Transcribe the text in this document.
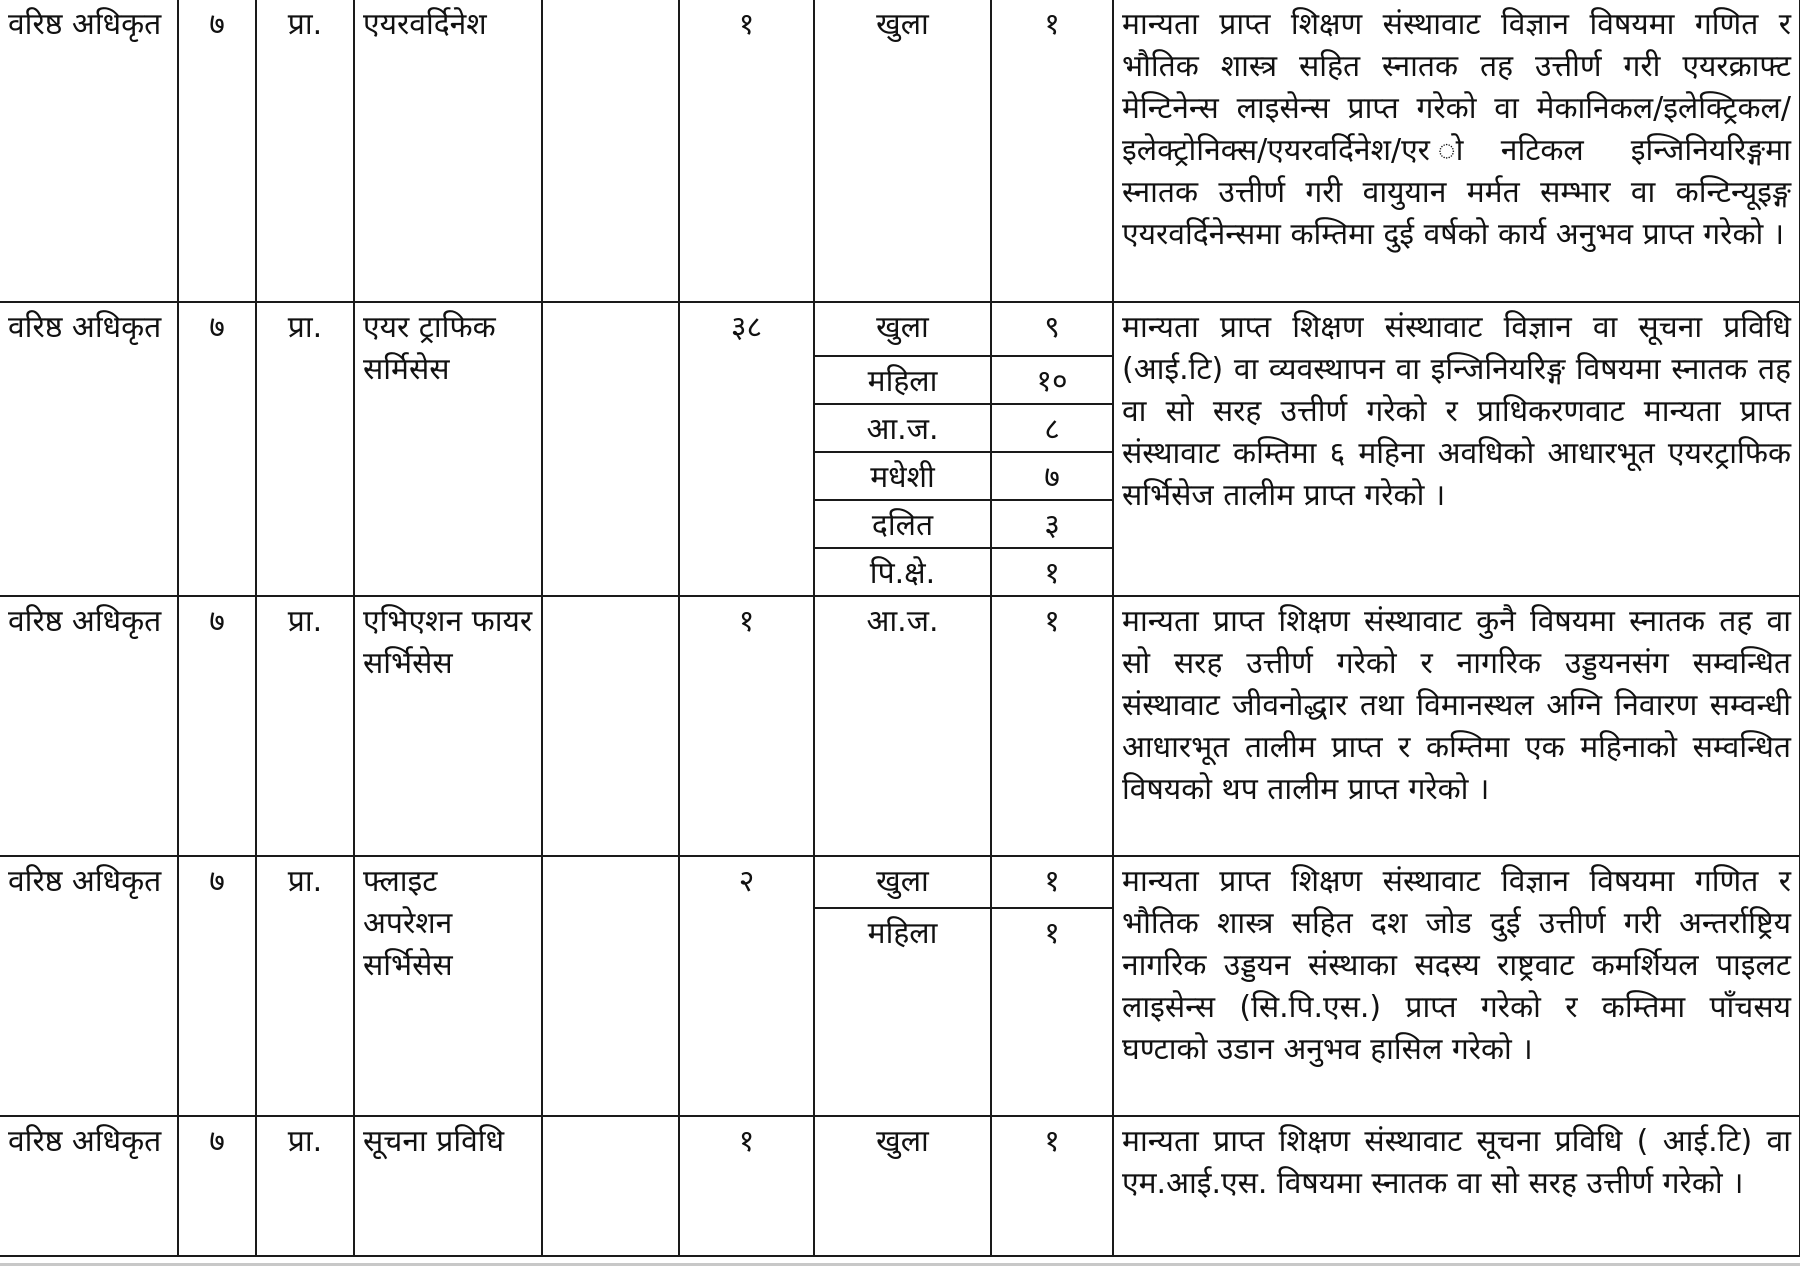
वरिष्ठ अधिकृत	७	प्रा.	एयरवर्दिनेश		१	खुला	१	मान्यता प्राप्त शिक्षण संस्थावाट विज्ञान विषयमा गणित र भौतिक शास्त्र सहित स्नातक तह उत्तीर्ण गरी एयरक्राफ्ट मेन्टिनेन्स लाइसेन्स प्राप्त गरेको वा मेकानिकल/इलेक्ट्रिकल/इलेक्ट्रोनिक्स/एयरवर्दिनेश/एर ोनटिकल इन्जिनियरिङ्गमा स्नातक उत्तीर्ण गरी वायुयान मर्मत सम्भार वा कन्टिन्यूइङ्ग एयरवर्दिनेन्समा कम्तिमा दुई वर्षको कार्य अनुभव प्राप्त गरेको ।
वरिष्ठ अधिकृत	७	प्रा.	एयर ट्राफिक सर्मिसेस		३८	खुला	९	मान्यता प्राप्त शिक्षण संस्थावाट विज्ञान वा सूचना प्रविधि (आई.टि) वा व्यवस्थापन वा इन्जिनियरिङ्ग विषयमा स्नातक तह वा सो सरह उत्तीर्ण गरेको र प्राधिकरणवाट मान्यता प्राप्त संस्थावाट कम्तिमा ६ महिना अवधिको आधारभूत एयरट्राफिक सर्भिसेज तालीम प्राप्त गरेको ।
						महिला	१०	
						आ.ज.	८	
						मधेशी	७	
						दलित	३	
						पि.क्षे.	१	
वरिष्ठ अधिकृत	७	प्रा.	एभिएशन फायर सर्भिसेस		१	आ.ज.	१	मान्यता प्राप्त शिक्षण संस्थावाट कुनै विषयमा स्नातक तह वा सो सरह उत्तीर्ण गरेको र नागरिक उड्डयनसंग सम्वन्धित संस्थावाट जीवनोद्धार तथा विमानस्थल अग्नि निवारण सम्वन्धी आधारभूत तालीम प्राप्त र कम्तिमा एक महिनाको सम्वन्धित विषयको थप तालीम प्राप्त गरेको ।
वरिष्ठ अधिकृत	७	प्रा.	फ्लाइट अपरेशन सर्भिसेस		२	खुला	१	मान्यता प्राप्त शिक्षण संस्थावाट विज्ञान विषयमा गणित र भौतिक शास्त्र सहित दश जोड दुई उत्तीर्ण गरी अन्तर्राष्ट्रिय नागरिक उड्डयन संस्थाका सदस्य राष्ट्रवाट कमर्शियल पाइलट लाइसेन्स (सि.पि.एस.) प्राप्त गरेको र कम्तिमा पाँचसय घण्टाको उडान अनुभव हासिल गरेको ।
						महिला	१	
वरिष्ठ अधिकृत	७	प्रा.	सूचना प्रविधि		१	खुला	१	मान्यता प्राप्त शिक्षण संस्थावाट सूचना प्रविधि ( आई.टि) वा एम.आई.एस. विषयमा स्नातक वा सो सरह उत्तीर्ण गरेको ।
